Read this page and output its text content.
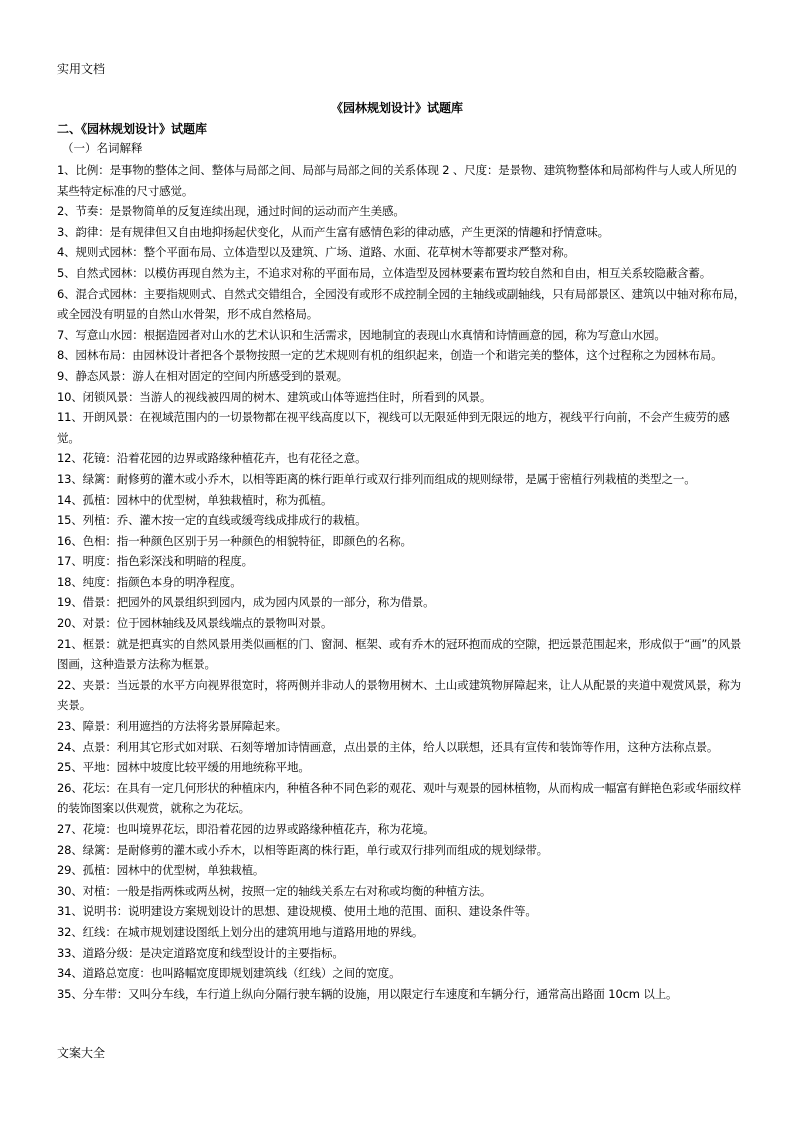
实用文档
《园林规划设计》试题库
二、《园林规划设计》试题库
（一）名词解释

1、比例：是事物的整体之间、整体与局部之间、局部与局部之间的关系体现 2 、尺度：是景物、建筑物整体和局部构件与人或人所见的某些特定标准的尺寸感觉。

2、节奏：是景物简单的反复连续出现，通过时间的运动而产生美感。

3、韵律：是有规律但又自由地抑扬起伏变化，从而产生富有感情色彩的律动感，产生更深的情趣和抒情意味。

4、规则式园林：整个平面布局、立体造型以及建筑、广场、道路、水面、花草树木等都要求严整对称。

5、自然式园林：以模仿再现自然为主，不追求对称的平面布局，立体造型及园林要素布置均较自然和自由，相互关系较隐蔽含蓄。

6、混合式园林：主要指规则式、自然式交错组合，全园没有或形不成控制全园的主轴线或副轴线，只有局部景区、建筑以中轴对称布局，或全园没有明显的自然山水骨架，形不成自然格局。

7、写意山水园：根据造园者对山水的艺术认识和生活需求，因地制宜的表现山水真情和诗情画意的园，称为写意山水园。

8、园林布局：由园林设计者把各个景物按照一定的艺术规则有机的组织起来，创造一个和谐完美的整体，这个过程称之为园林布局。

9、静态风景：游人在相对固定的空间内所感受到的景观。

10、闭锁风景：当游人的视线被四周的树木、建筑或山体等遮挡住时，所看到的风景。

11、开朗风景：在视域范围内的一切景物都在视平线高度以下，视线可以无限延伸到无限远的地方，视线平行向前，不会产生疲劳的感觉。

12、花镜：沿着花园的边界或路缘种植花卉，也有花径之意。

13、绿篱：耐修剪的灌木或小乔木，以相等距离的株行距单行或双行排列而组成的规则绿带，是属于密植行列栽植的类型之一。

14、孤植：园林中的优型树，单独栽植时，称为孤植。

15、列植：乔、灌木按一定的直线或缓弯线成排成行的栽植。

16、色相：指一种颜色区别于另一种颜色的相貌特征，即颜色的名称。

17、明度：指色彩深浅和明暗的程度。

18、纯度：指颜色本身的明净程度。

19、借景：把园外的风景组织到园内，成为园内风景的一部分，称为借景。

20、对景：位于园林轴线及风景线端点的景物叫对景。

21、框景：就是把真实的自然风景用类似画框的门、窗洞、框架、或有乔木的冠环抱而成的空隙，把远景范围起来，形成似于“画”的风景图画，这种造景方法称为框景。

22、夹景：当远景的水平方向视界很宽时，将两侧并非动人的景物用树木、土山或建筑物屏障起来，让人从配景的夹道中观赏风景，称为夹景。

23、障景：利用遮挡的方法将劣景屏障起来。

24、点景：利用其它形式如对联、石刻等增加诗情画意，点出景的主体，给人以联想，还具有宣传和装饰等作用，这种方法称点景。

25、平地：园林中坡度比较平缓的用地统称平地。

26、花坛：在具有一定几何形状的种植床内，种植各种不同色彩的观花、观叶与观景的园林植物，从而构成一幅富有鲜艳色彩或华丽纹样的装饰图案以供观赏，就称之为花坛。

27、花境：也叫境界花坛，即沿着花园的边界或路缘种植花卉，称为花境。

28、绿篱：是耐修剪的灌木或小乔木，以相等距离的株行距，单行或双行排列而组成的规划绿带。

29、孤植：园林中的优型树，单独栽植。

30、对植：一般是指两株或两丛树，按照一定的轴线关系左右对称或均衡的种植方法。

31、说明书：说明建设方案规划设计的思想、建设规模、使用土地的范围、面积、建设条件等。

32、红线：在城市规划建设图纸上划分出的建筑用地与道路用地的界线。

33、道路分级：是决定道路宽度和线型设计的主要指标。

34、道路总宽度：也叫路幅宽度即规划建筑线（红线）之间的宽度。

35、分车带：又叫分车线，车行道上纵向分隔行驶车辆的设施，用以限定行车速度和车辆分行，通常高出路面 10cm 以上。

文案大全
